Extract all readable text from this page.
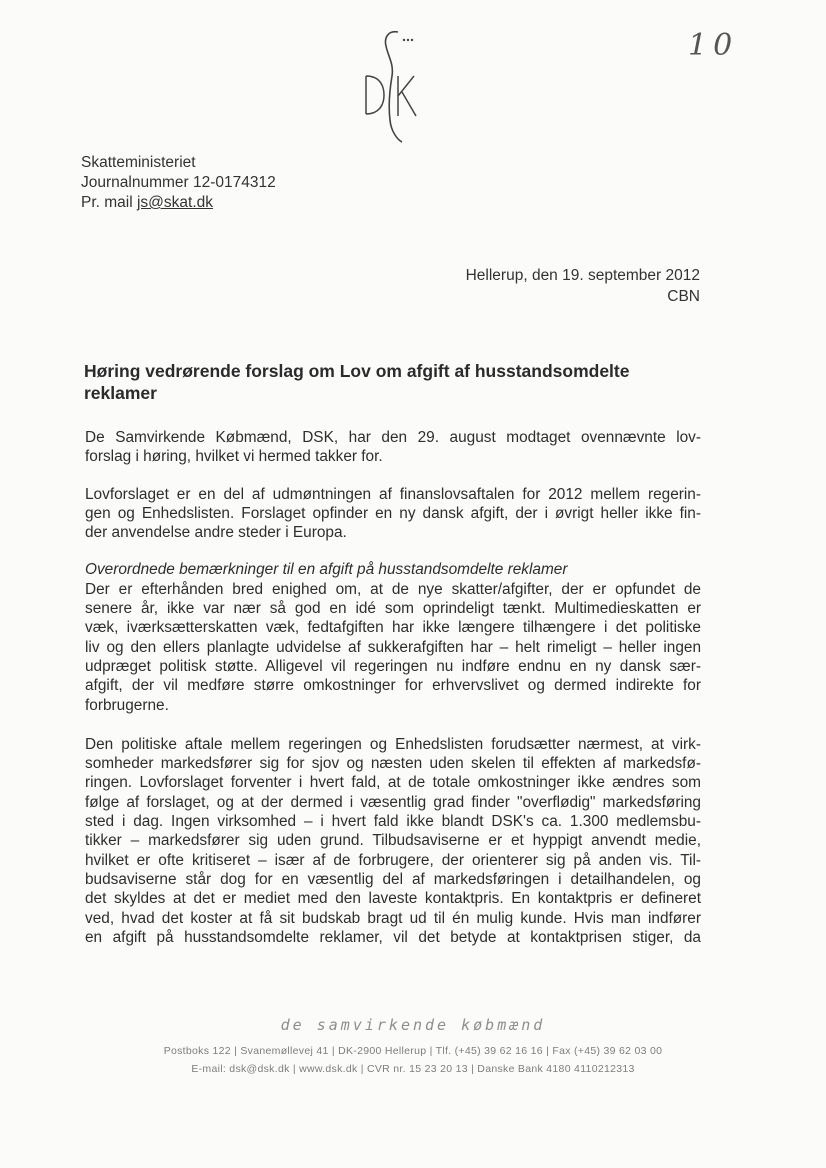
10
Skatteministeriet
Journalnummer 12-0174312
Pr. mail js@skat.dk
Hellerup, den 19. september 2012
CBN
Høring vedrørende forslag om Lov om afgift af husstandsomdelte
reklamer
De Samvirkende Købmænd, DSK, har den 29. august modtaget ovennævnte lov-
forslag i høring, hvilket vi hermed takker for.
Lovforslaget er en del af udmøntningen af finanslovsaftalen for 2012 mellem regerin-
gen og Enhedslisten. Forslaget opfinder en ny dansk afgift, der i øvrigt heller ikke fin-
der anvendelse andre steder i Europa.
Overordnede bemærkninger til en afgift på husstandsomdelte reklamer
Der er efterhånden bred enighed om, at de nye skatter/afgifter, der er opfundet de
senere år, ikke var nær så god en idé som oprindeligt tænkt. Multimedieskatten er
væk, iværksætterskatten væk, fedtafgiften har ikke længere tilhængere i det politiske
liv og den ellers planlagte udvidelse af sukkerafgiften har – helt rimeligt – heller ingen
udpræget politisk støtte. Alligevel vil regeringen nu indføre endnu en ny dansk sær-
afgift, der vil medføre større omkostninger for erhvervslivet og dermed indirekte for
forbrugerne.
Den politiske aftale mellem regeringen og Enhedslisten forudsætter nærmest, at virk-
somheder markedsfører sig for sjov og næsten uden skelen til effekten af markedsfø-
ringen. Lovforslaget forventer i hvert fald, at de totale omkostninger ikke ændres som
følge af forslaget, og at der dermed i væsentlig grad finder "overflødig" markedsføring
sted i dag. Ingen virksomhed – i hvert fald ikke blandt DSK's ca. 1.300 medlemsbu-
tikker – markedsfører sig uden grund. Tilbudsaviserne er et hyppigt anvendt medie,
hvilket er ofte kritiseret – især af de forbrugere, der orienterer sig på anden vis. Til-
budsaviserne står dog for en væsentlig del af markedsføringen i detailhandelen, og
det skyldes at det er mediet med den laveste kontaktpris. En kontaktpris er defineret
ved, hvad det koster at få sit budskab bragt ud til én mulig kunde. Hvis man indfører
en afgift på husstandsomdelte reklamer, vil det betyde at kontaktprisen stiger, da
de samvirkende købmænd
Postboks 122 | Svanemøllevej 41 | DK-2900 Hellerup | Tlf. (+45) 39 62 16 16 | Fax (+45) 39 62 03 00
E-mail: dsk@dsk.dk | www.dsk.dk | CVR nr. 15 23 20 13 | Danske Bank 4180 4110212313
